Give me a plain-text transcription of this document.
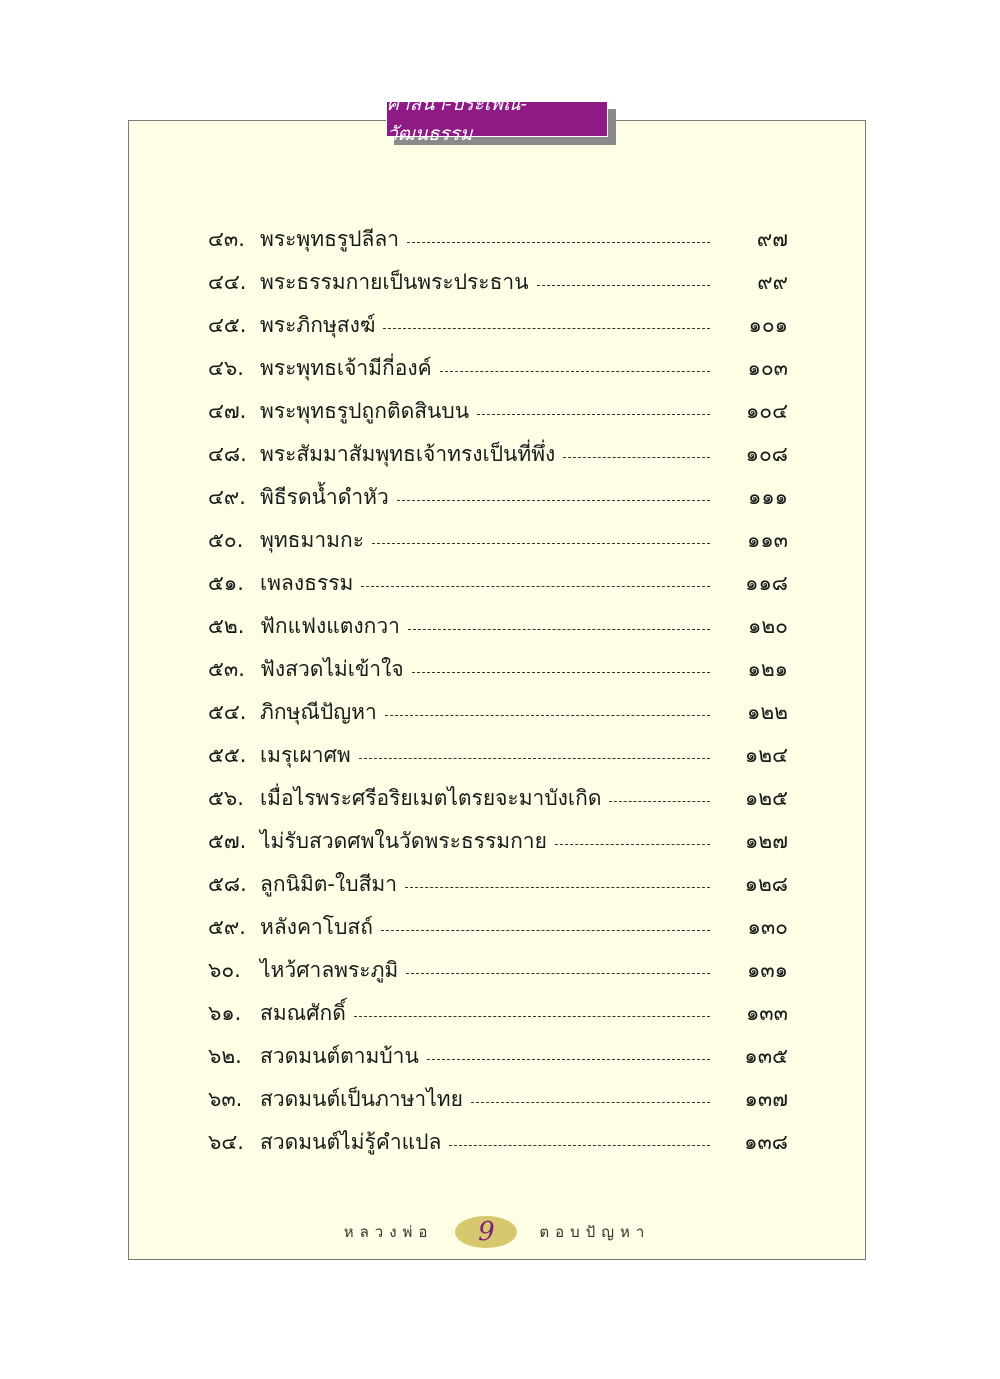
ศาสนา-ประเพณี-วัฒนธรรม
๔๓. พระพุทธรูปลีลา	๙๗
๔๔. พระธรรมกายเป็นพระประธาน	๙๙
๔๕. พระภิกษุสงฆ์	๑๐๑
๔๖. พระพุทธเจ้ามีกี่องค์	๑๐๓
๔๗. พระพุทธรูปถูกติดสินบน	๑๐๔
๔๘. พระสัมมาสัมพุทธเจ้าทรงเป็นที่พึ่ง	๑๐๘
๔๙. พิธีรดน้ำดำหัว	๑๑๑
๕๐. พุทธมามกะ	๑๑๓
๕๑. เพลงธรรม	๑๑๘
๕๒. ฟักแฟงแตงกวา	๑๒๐
๕๓. ฟังสวดไม่เข้าใจ	๑๒๑
๕๔. ภิกษุณีปัญหา	๑๒๒
๕๕. เมรุเผาศพ	๑๒๔
๕๖. เมื่อไรพระศรีอริยเมตไตรยจะมาบังเกิด	๑๒๕
๕๗. ไม่รับสวดศพในวัดพระธรรมกาย	๑๒๗
๕๘. ลูกนิมิต-ใบสีมา	๑๒๘
๕๙. หลังคาโบสถ์	๑๓๐
๖๐. ไหว้ศาลพระภูมิ	๑๓๑
๖๑. สมณศักดิ์	๑๓๓
๖๒. สวดมนต์ตามบ้าน	๑๓๕
๖๓. สวดมนต์เป็นภาษาไทย	๑๓๗
๖๔. สวดมนต์ไม่รู้คำแปล	๑๓๘
หลวงพ่อ	9	ตอบปัญหา
